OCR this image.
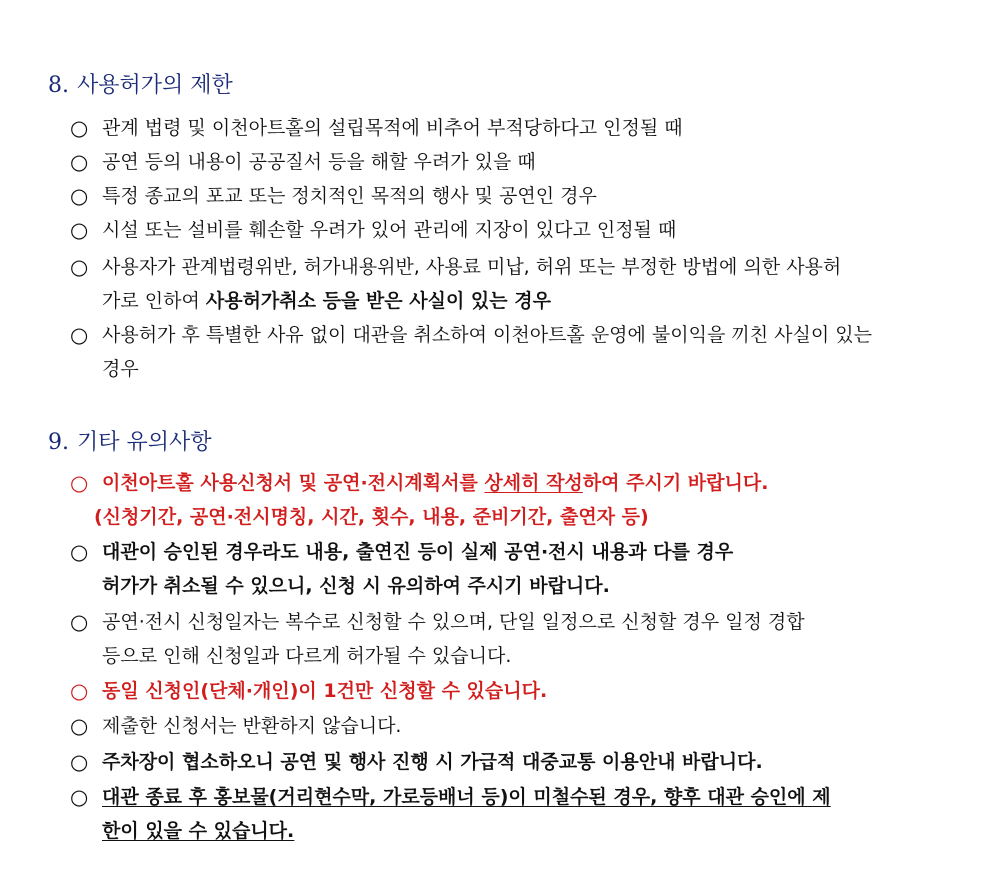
8. 사용허가의 제한
○ 관계 법령 및 이천아트홀의 설립목적에 비추어 부적당하다고 인정될 때
○ 공연 등의 내용이 공공질서 등을 해할 우려가 있을 때
○ 특정 종교의 포교 또는 정치적인 목적의 행사 및 공연인 경우
○ 시설 또는 설비를 훼손할 우려가 있어 관리에 지장이 있다고 인정될 때
○ 사용자가 관계법령위반, 허가내용위반, 사용료 미납, 허위 또는 부정한 방법에 의한 사용허
가로 인하여 사용허가취소 등을 받은 사실이 있는 경우
○ 사용허가 후 특별한 사유 없이 대관을 취소하여 이천아트홀 운영에 불이익을 끼친 사실이 있는
경우
9. 기타 유의사항
○ 이천아트홀 사용신청서 및 공연·전시계획서를 상세히 작성하여 주시기 바랍니다.
(신청기간, 공연·전시명칭, 시간, 횟수, 내용, 준비기간, 출연자 등)
○ 대관이 승인된 경우라도 내용, 출연진 등이 실제 공연·전시 내용과 다를 경우
허가가 취소될 수 있으니, 신청 시 유의하여 주시기 바랍니다.
○ 공연·전시 신청일자는 복수로 신청할 수 있으며, 단일 일정으로 신청할 경우 일정 경합
등으로 인해 신청일과 다르게 허가될 수 있습니다.
○ 동일 신청인(단체·개인)이 1건만 신청할 수 있습니다.
○ 제출한 신청서는 반환하지 않습니다.
○ 주차장이 협소하오니 공연 및 행사 진행 시 가급적 대중교통 이용안내 바랍니다.
○ 대관 종료 후 홍보물(거리현수막, 가로등배너 등)이 미철수된 경우, 향후 대관 승인에 제
한이 있을 수 있습니다.
